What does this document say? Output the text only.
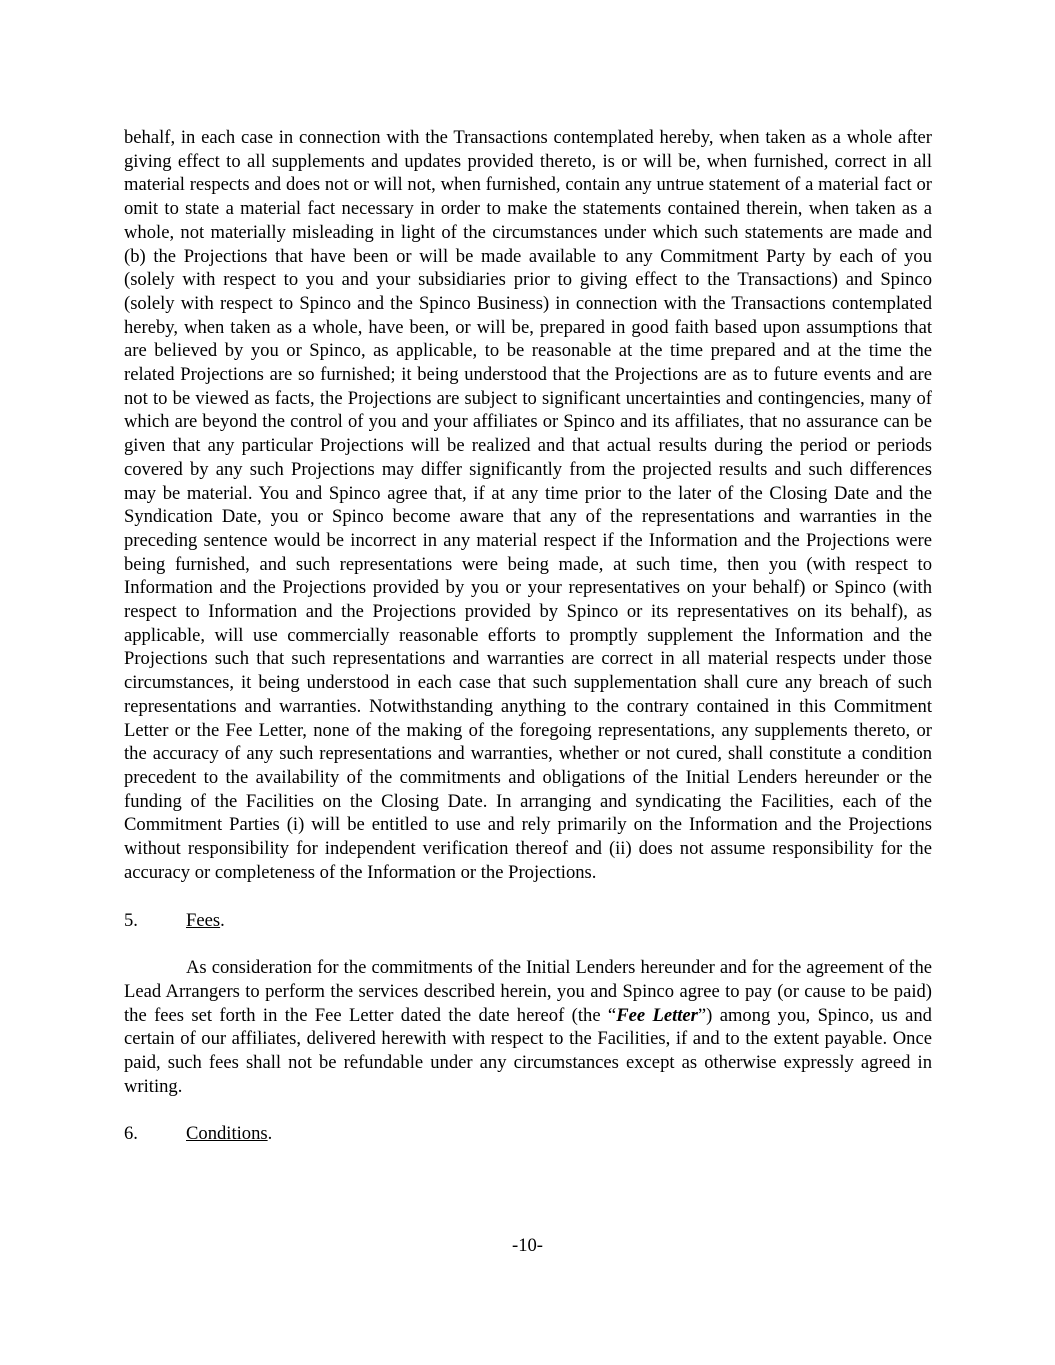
behalf, in each case in connection with the Transactions contemplated hereby, when taken as a whole after giving effect to all supplements and updates provided thereto, is or will be, when furnished, correct in all material respects and does not or will not, when furnished, contain any untrue statement of a material fact or omit to state a material fact necessary in order to make the statements contained therein, when taken as a whole, not materially misleading in light of the circumstances under which such statements are made and (b) the Projections that have been or will be made available to any Commitment Party by each of you (solely with respect to you and your subsidiaries prior to giving effect to the Transactions) and Spinco (solely with respect to Spinco and the Spinco Business) in connection with the Transactions contemplated hereby, when taken as a whole, have been, or will be, prepared in good faith based upon assumptions that are believed by you or Spinco, as applicable, to be reasonable at the time prepared and at the time the related Projections are so furnished; it being understood that the Projections are as to future events and are not to be viewed as facts, the Projections are subject to significant uncertainties and contingencies, many of which are beyond the control of you and your affiliates or Spinco and its affiliates, that no assurance can be given that any particular Projections will be realized and that actual results during the period or periods covered by any such Projections may differ significantly from the projected results and such differences may be material. You and Spinco agree that, if at any time prior to the later of the Closing Date and the Syndication Date, you or Spinco become aware that any of the representations and warranties in the preceding sentence would be incorrect in any material respect if the Information and the Projections were being furnished, and such representations were being made, at such time, then you (with respect to Information and the Projections provided by you or your representatives on your behalf) or Spinco (with respect to Information and the Projections provided by Spinco or its representatives on its behalf), as applicable, will use commercially reasonable efforts to promptly supplement the Information and the Projections such that such representations and warranties are correct in all material respects under those circumstances, it being understood in each case that such supplementation shall cure any breach of such representations and warranties. Notwithstanding anything to the contrary contained in this Commitment Letter or the Fee Letter, none of the making of the foregoing representations, any supplements thereto, or the accuracy of any such representations and warranties, whether or not cured, shall constitute a condition precedent to the availability of the commitments and obligations of the Initial Lenders hereunder or the funding of the Facilities on the Closing Date. In arranging and syndicating the Facilities, each of the Commitment Parties (i) will be entitled to use and rely primarily on the Information and the Projections without responsibility for independent verification thereof and (ii) does not assume responsibility for the accuracy or completeness of the Information or the Projections.

5.	Fees.

As consideration for the commitments of the Initial Lenders hereunder and for the agreement of the Lead Arrangers to perform the services described herein, you and Spinco agree to pay (or cause to be paid) the fees set forth in the Fee Letter dated the date hereof (the “Fee Letter”) among you, Spinco, us and certain of our affiliates, delivered herewith with respect to the Facilities, if and to the extent payable. Once paid, such fees shall not be refundable under any circumstances except as otherwise expressly agreed in writing.

6.	Conditions.

-10-
